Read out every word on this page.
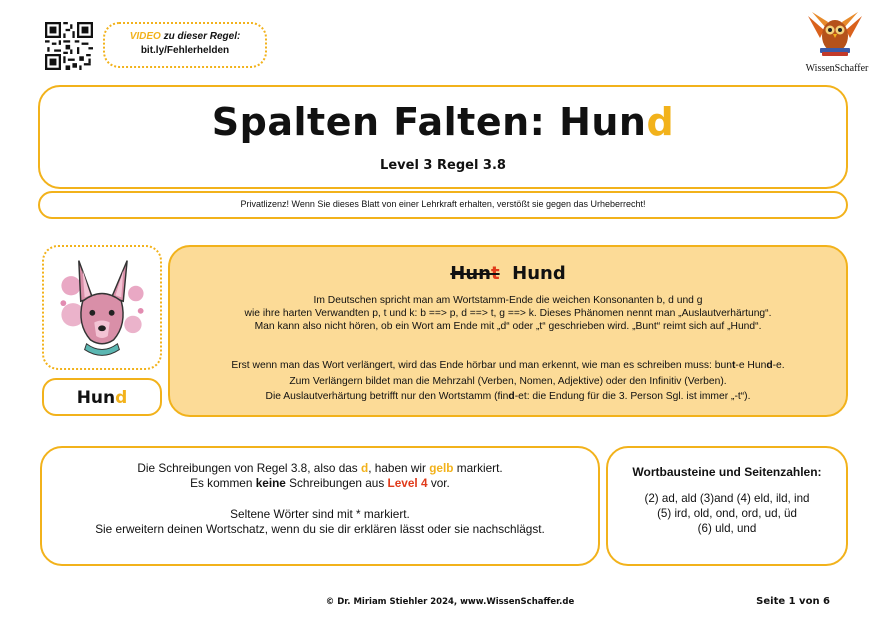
VIDEO zu dieser Regel:
bit.ly/Fehlerhelden
WissenSchaffer
Spalten Falten: Hund
Level 3 Regel 3.8
Privatlizenz! Wenn Sie dieses Blatt von einer Lehrkraft erhalten, verstößt sie gegen das Urheberrecht!
Hund
Hunt Hund
Im Deutschen spricht man am Wortstamm-Ende die weichen Konsonanten b, d und g
wie ihre harten Verwandten p, t und k: b ==> p, d ==> t, g ==> k. Dieses Phänomen nennt man „Auslautverhärtung“.
Man kann also nicht hören, ob ein Wort am Ende mit „d“ oder „t“ geschrieben wird. „Bunt“ reimt sich auf „Hund“.
Erst wenn man das Wort verlängert, wird das Ende hörbar und man erkennt, wie man es schreiben muss: bunt-e Hund-e.
Zum Verlängern bildet man die Mehrzahl (Verben, Nomen, Adjektive) oder den Infinitiv (Verben).
Die Auslautverhärtung betrifft nur den Wortstamm (find-et: die Endung für die 3. Person Sgl. ist immer „-t“).
Die Schreibungen von Regel 3.8, also das d, haben wir gelb markiert.
Es kommen keine Schreibungen aus Level 4 vor.
Seltene Wörter sind mit * markiert.
Sie erweitern deinen Wortschatz, wenn du sie dir erklären lässt oder sie nachschlägst.
Wortbausteine und Seitenzahlen:
(2) ad, ald (3)and (4) eld, ild, ind
(5) ird, old, ond, ord, ud, üd
(6) uld, und
© Dr. Miriam Stiehler 2024, www.WissenSchaffer.de	Seite 1 von 6
